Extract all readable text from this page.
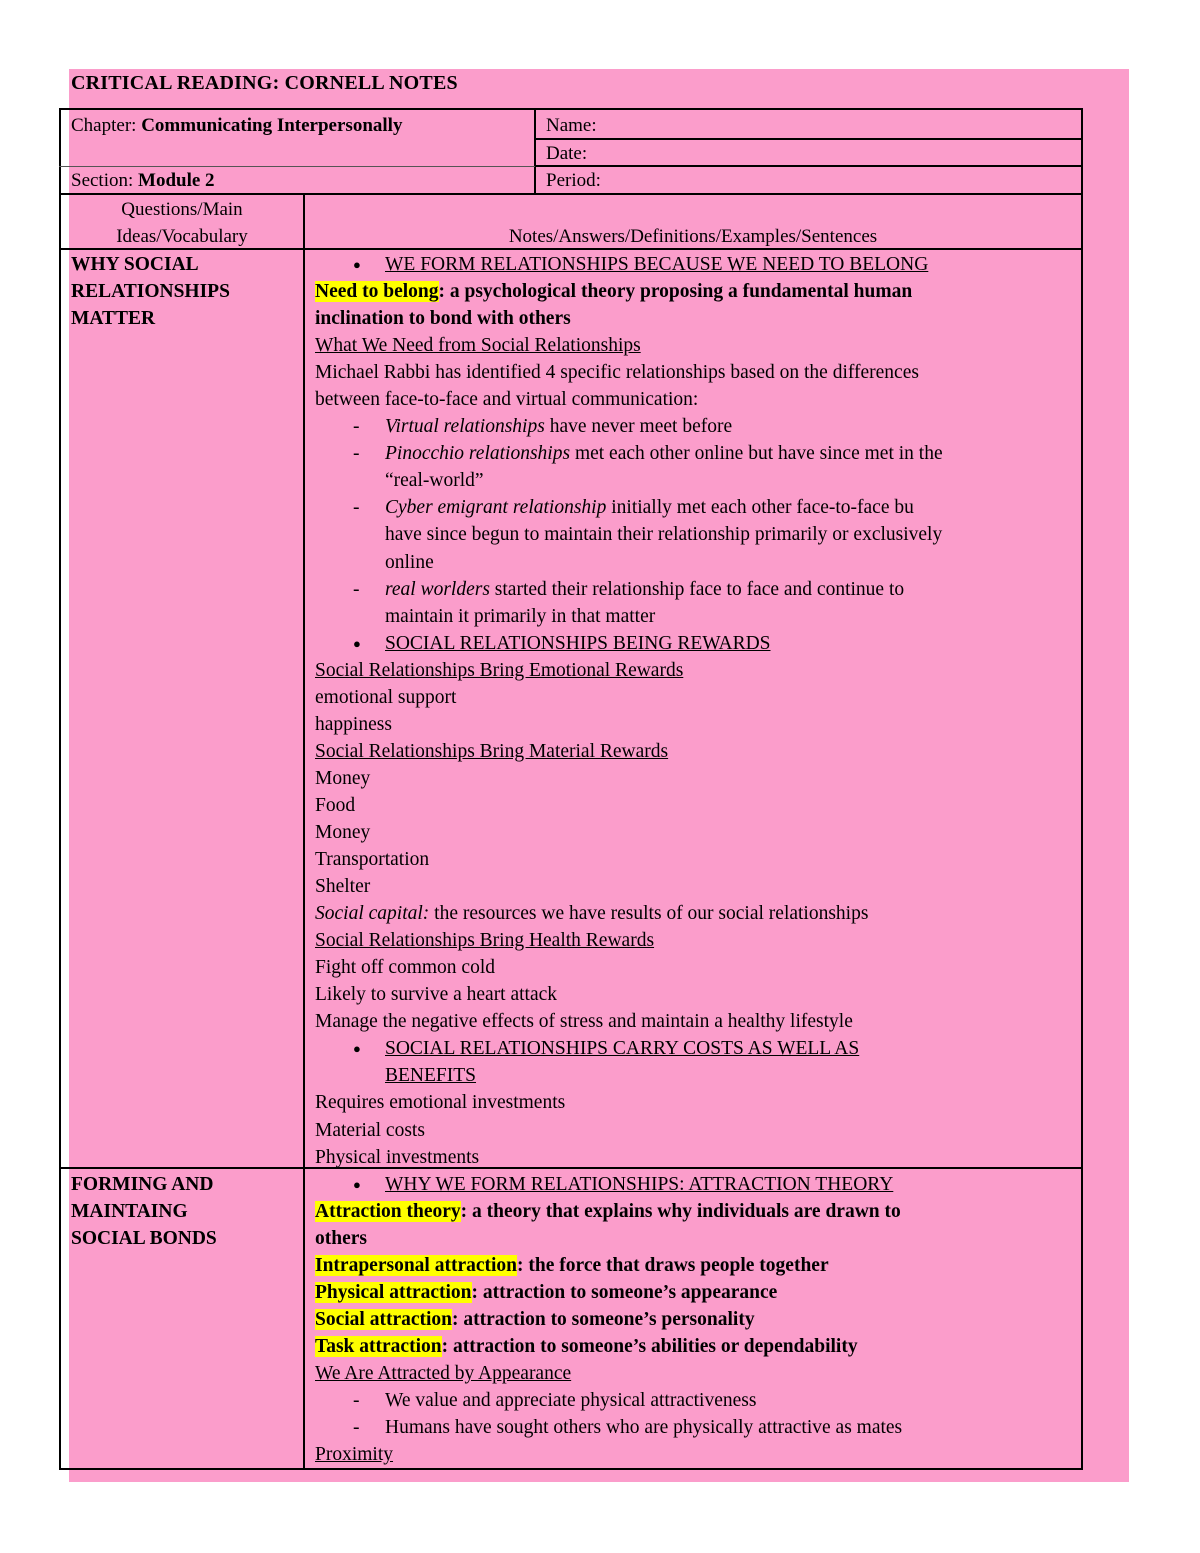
CRITICAL READING: CORNELL NOTES
Chapter: Communicating Interpersonally	Name:
Date:
Section: Module 2	Period:
Questions/Main
Ideas/Vocabulary	Notes/Answers/Definitions/Examples/Sentences
WHY SOCIAL
RELATIONSHIPS
MATTER
● WE FORM RELATIONSHIPS BECAUSE WE NEED TO BELONG
Need to belong: a psychological theory proposing a fundamental human
inclination to bond with others
What We Need from Social Relationships
Michael Rabbi has identified 4 specific relationships based on the differences
between face-to-face and virtual communication:
- Virtual relationships have never meet before
- Pinocchio relationships met each other online but have since met in the
“real-world”
- Cyber emigrant relationship initially met each other face-to-face bu
have since begun to maintain their relationship primarily or exclusively
online
- real worlders started their relationship face to face and continue to
maintain it primarily in that matter
● SOCIAL RELATIONSHIPS BEING REWARDS
Social Relationships Bring Emotional Rewards
emotional support
happiness
Social Relationships Bring Material Rewards
Money
Food
Money
Transportation
Shelter
Social capital: the resources we have results of our social relationships
Social Relationships Bring Health Rewards
Fight off common cold
Likely to survive a heart attack
Manage the negative effects of stress and maintain a healthy lifestyle
● SOCIAL RELATIONSHIPS CARRY COSTS AS WELL AS
BENEFITS
Requires emotional investments
Material costs
Physical investments
FORMING AND
MAINTAING
SOCIAL BONDS
● WHY WE FORM RELATIONSHIPS: ATTRACTION THEORY
Attraction theory: a theory that explains why individuals are drawn to
others
Intrapersonal attraction: the force that draws people together
Physical attraction: attraction to someone’s appearance
Social attraction: attraction to someone’s personality
Task attraction: attraction to someone’s abilities or dependability
We Are Attracted by Appearance
- We value and appreciate physical attractiveness
- Humans have sought others who are physically attractive as mates
Proximity
